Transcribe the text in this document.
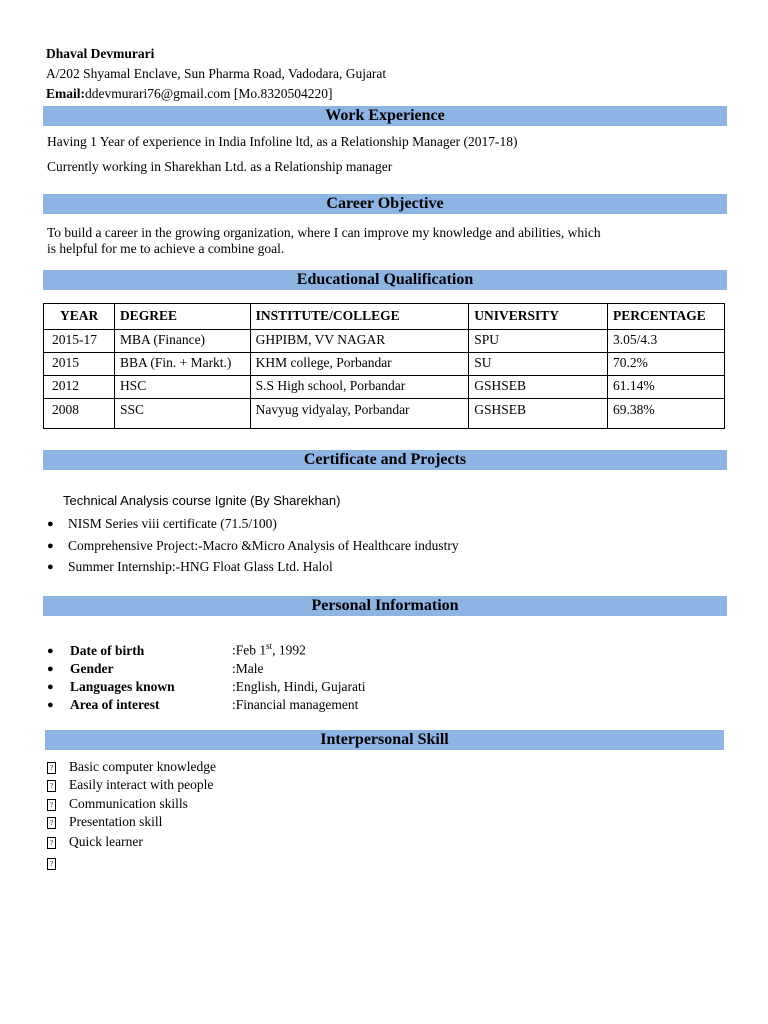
Dhaval Devmurari
A/202 Shyamal Enclave, Sun Pharma Road, Vadodara, Gujarat
Email:ddevmurari76@gmail.com [Mo.8320504220]
Work Experience
Having 1 Year of experience in India Infoline ltd, as a Relationship Manager (2017-18)
Currently working in Sharekhan Ltd. as a Relationship manager
Career Objective
To build a career in the growing organization, where I can improve my knowledge and abilities, which
is helpful for me to achieve a combine goal.
Educational Qualification
YEAR	DEGREE	INSTITUTE/COLLEGE	UNIVERSITY	PERCENTAGE
2015-17	MBA (Finance)	GHPIBM, VV NAGAR	SPU	3.05/4.3
2015	BBA (Fin. + Markt.)	KHM college, Porbandar	SU	70.2%
2012	HSC	S.S High school, Porbandar	GSHSEB	61.14%
2008	SSC	Navyug vidyalay, Porbandar	GSHSEB	69.38%
Certificate and Projects
Technical Analysis course Ignite (By Sharekhan)
● NISM Series viii certificate (71.5/100)
● Comprehensive Project:-Macro &Micro Analysis of Healthcare industry
● Summer Internship:-HNG Float Glass Ltd. Halol
Personal Information
● Date of birth	:Feb 1st, 1992
● Gender	:Male
● Languages known	:English, Hindi, Gujarati
● Area of interest	:Financial management
Interpersonal Skill
? Basic computer knowledge
? Easily interact with people
? Communication skills
? Presentation skill
? Quick learner
?
